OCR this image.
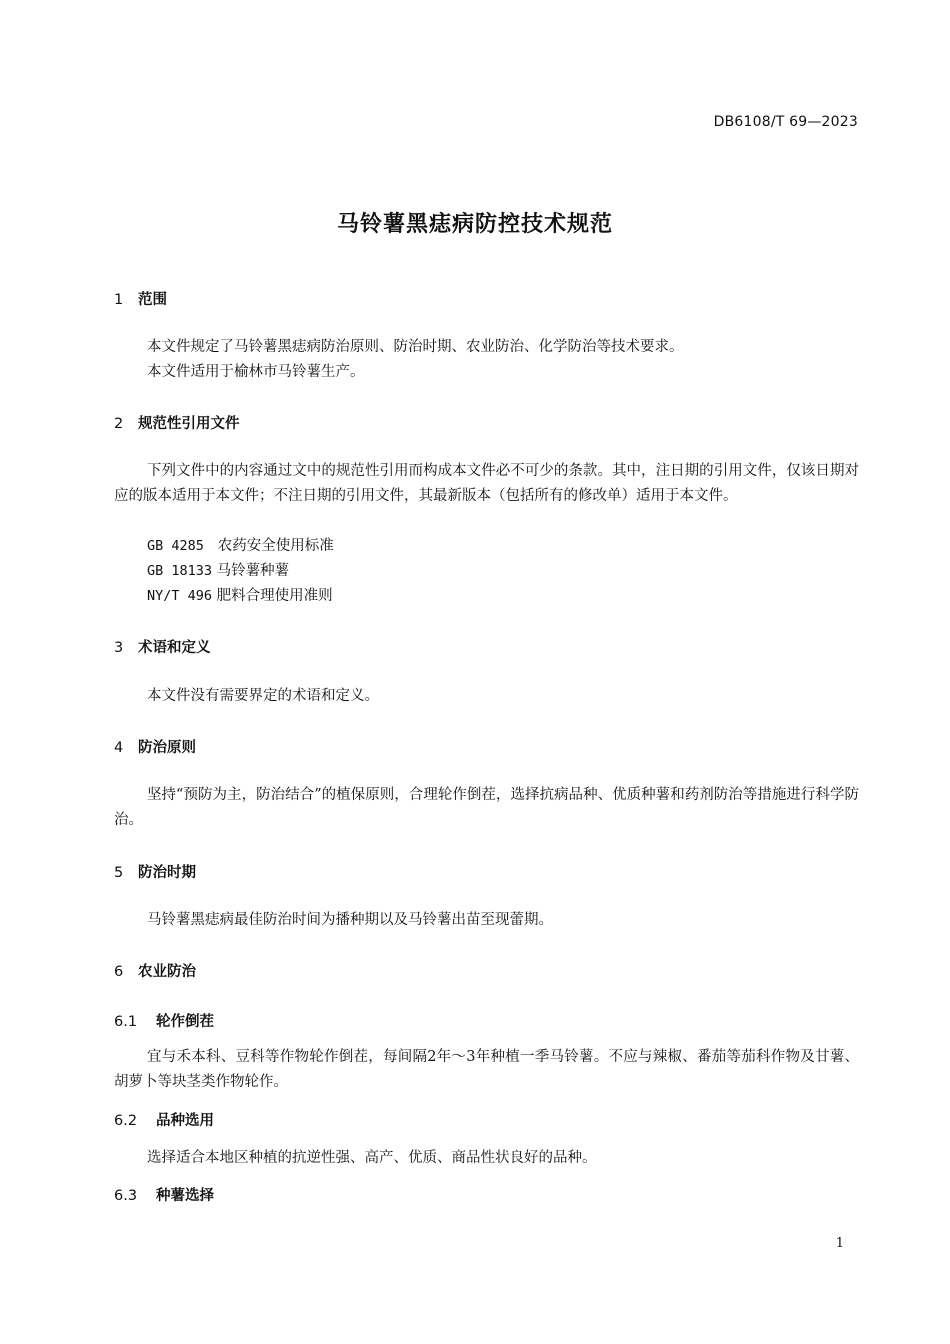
DB6108/T 69—2023
马铃薯黑痣病防控技术规范
1 范围
本文件规定了马铃薯黑痣病防治原则、防治时期、农业防治、化学防治等技术要求。
本文件适用于榆林市马铃薯生产。
2 规范性引用文件
下列文件中的内容通过文中的规范性引用而构成本文件必不可少的条款。其中，注日期的引用文件，仅该日期对应的版本适用于本文件；不注日期的引用文件，其最新版本（包括所有的修改单）适用于本文件。
GB 4285 农药安全使用标准
GB 18133 马铃薯种薯
NY/T 496 肥料合理使用准则
3 术语和定义
本文件没有需要界定的术语和定义。
4 防治原则
坚持“预防为主，防治结合”的植保原则，合理轮作倒茬，选择抗病品种、优质种薯和药剂防治等措施进行科学防治。
5 防治时期
马铃薯黑痣病最佳防治时间为播种期以及马铃薯出苗至现蕾期。
6 农业防治
6.1 轮作倒茬
宜与禾本科、豆科等作物轮作倒茬，每间隔2年～3年种植一季马铃薯。不应与辣椒、番茄等茄科作物及甘薯、胡萝卜等块茎类作物轮作。
6.2 品种选用
选择适合本地区种植的抗逆性强、高产、优质、商品性状良好的品种。
6.3 种薯选择
1
